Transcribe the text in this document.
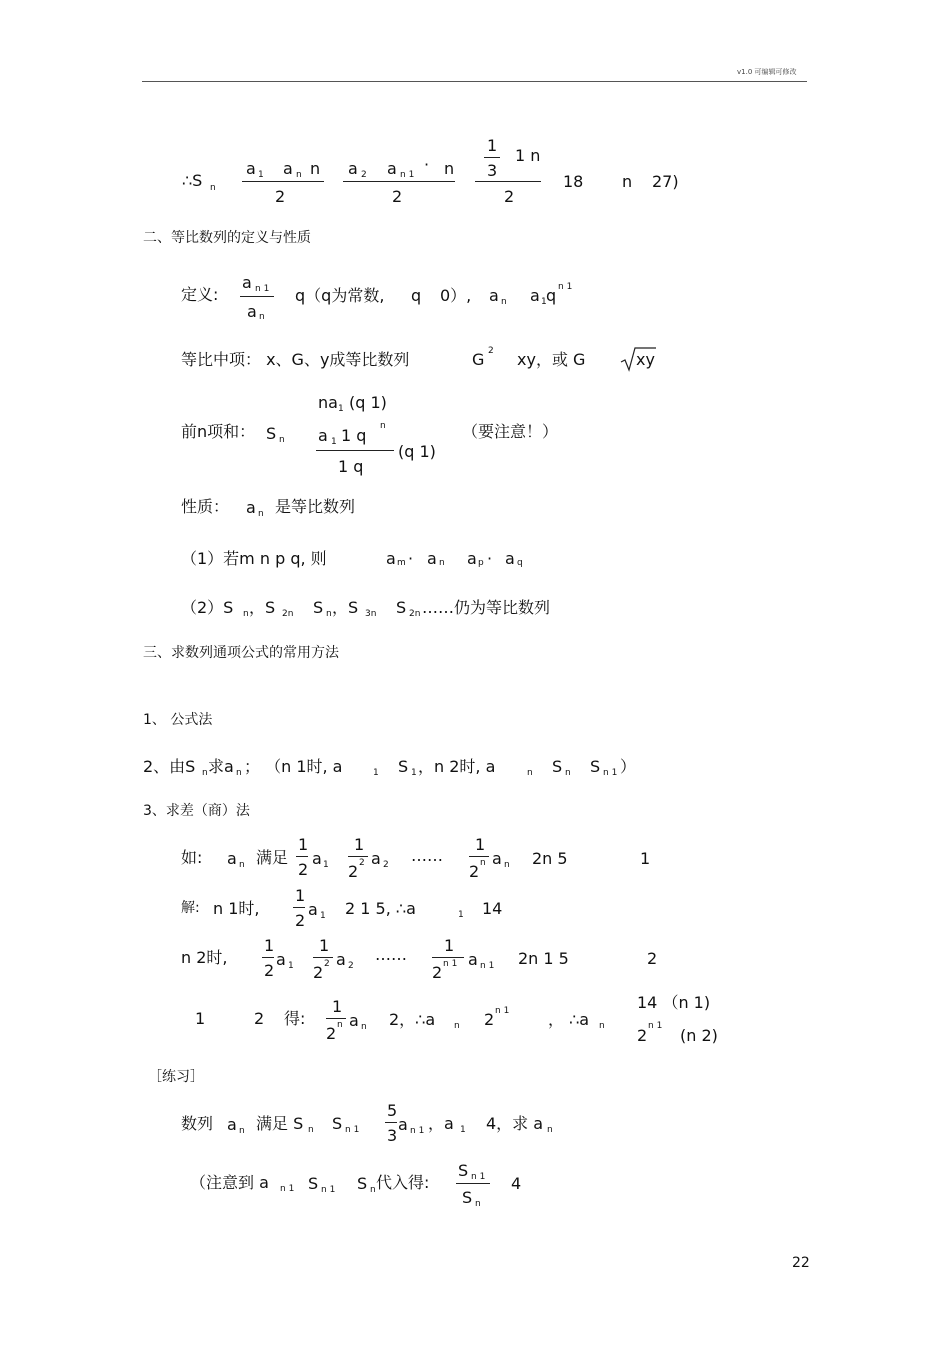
v1.0 可编辑可修改
∴S n
a 1 a n n
2
a 2 a n 1
· n
2
1
3
1 n
2
18 n 27)
二、等比数列的定义与性质
定义:
a n 1
a n
q（q为常数, q 0）, a n a 1 q n 1
等比中项： x、G、y成等比数列	G 2 xy，或 G	xy
前n项和： S n
na 1 (q 1)
a 1 1 q n
1 q
(q 1)
（要注意！）
性质： a n 是等比数列
（1）若m n p q, 则	a m · a n a p · a q
（2）S n ，S 2n S n ，S 3n S 2n ……仍为等比数列
三、求数列通项公式的常用方法
1、 公式法
2、由S n 求a n ； （n 1时, a	1 S 1 ，n 2时, a	n S n S n 1 ）
3、求差（商）法
如: a n 满足
1
2
a 1
1
2 2 a 2 ……
1
2 n a n 2n 5	1
解: n 1时,
1
2
a 1 2 1 5, ∴a	1 14
n 2时,
1
2
a 1
1
2 2 a 2
…… 1
2 n 1 a n 1 2n 1 5	2
1	2 得:
1
2 n a n 2，∴a n 2 n 1 ， ∴a n
14 （n 1)
2 n 1 (n 2)
［练习］
数列 a n 满足 S n S n 1
5
3
a n 1 ，a 1 4，求 a n
（注意到 a n 1 S n 1 S n 代入得:
S n 1
S n
4
22
